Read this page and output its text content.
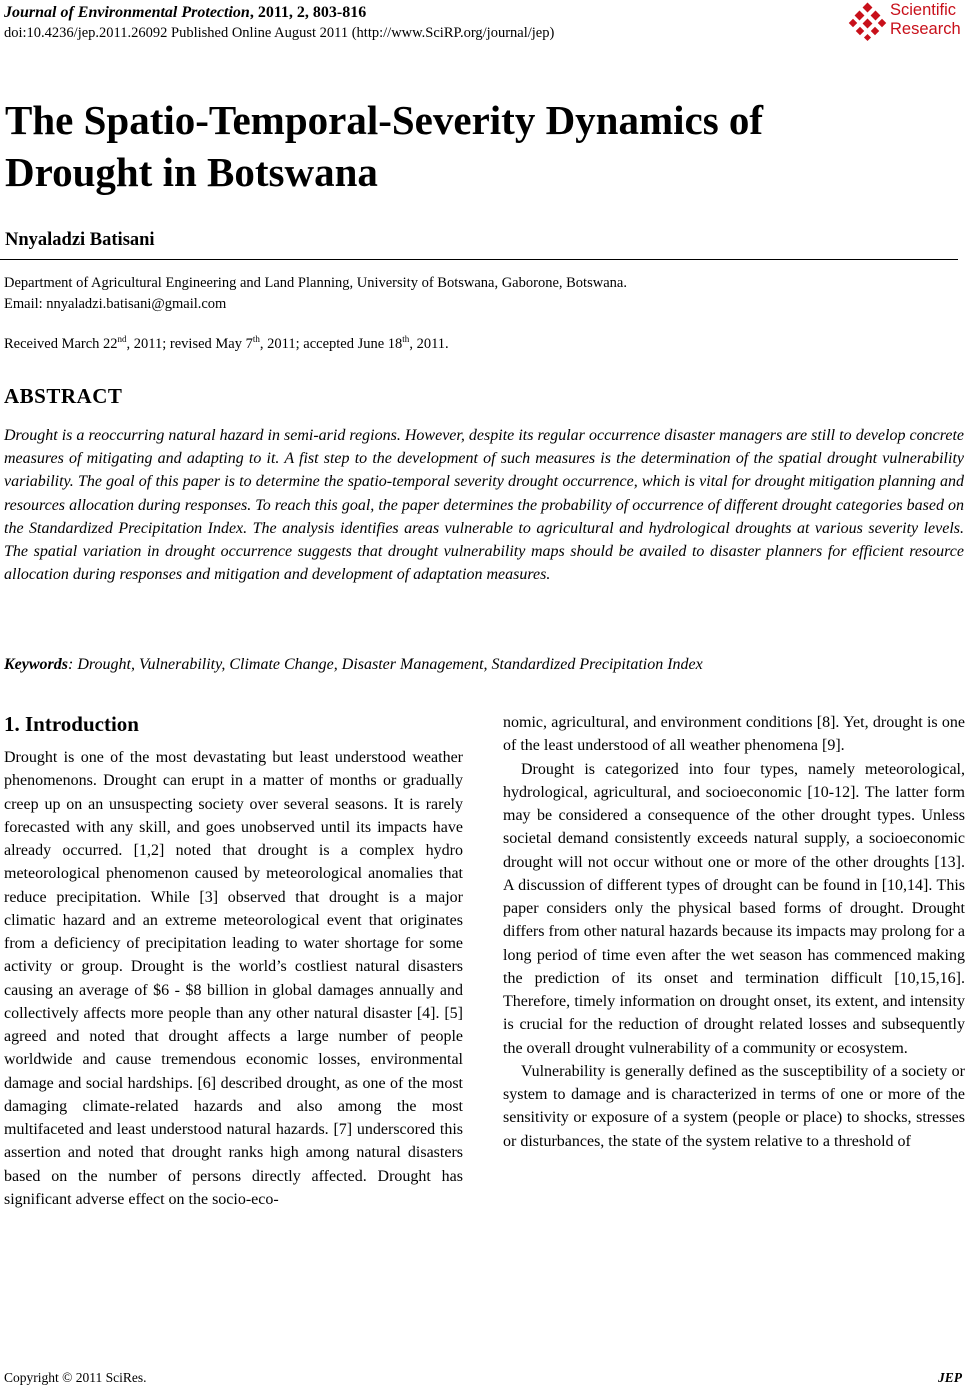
Journal of Environmental Protection, 2011, 2, 803-816
doi:10.4236/jep.2011.26092 Published Online August 2011 (http://www.SciRP.org/journal/jep)
Scientific
Research
The Spatio-Temporal-Severity Dynamics of
Drought in Botswana
Nnyaladzi Batisani
Department of Agricultural Engineering and Land Planning, University of Botswana, Gaborone, Botswana.
Email: nnyaladzi.batisani@gmail.com
Received March 22nd, 2011; revised May 7th, 2011; accepted June 18th, 2011.
ABSTRACT
Drought is a reoccurring natural hazard in semi-arid regions. However, despite its regular occurrence disaster managers are still to develop concrete measures of mitigating and adapting to it. A fist step to the development of such measures is the determination of the spatial drought vulnerability variability. The goal of this paper is to determine the spatio-temporal severity drought occurrence, which is vital for drought mitigation planning and resources allocation during responses. To reach this goal, the paper determines the probability of occurrence of different drought categories based on the Standardized Precipitation Index. The analysis identifies areas vulnerable to agricultural and hydrological droughts at various severity levels. The spatial variation in drought occurrence suggests that drought vulnerability maps should be availed to disaster planners for efficient resource allocation during responses and mitigation and development of adaptation measures.
Keywords: Drought, Vulnerability, Climate Change, Disaster Management, Standardized Precipitation Index
1. Introduction

Drought is one of the most devastating but least understood weather phenomenons. Drought can erupt in a matter of months or gradually creep up on an unsuspecting society over several seasons. It is rarely forecasted with any skill, and goes unobserved until its impacts have already occurred. [1,2] noted that drought is a complex hydro meteorological phenomenon caused by meteorological anomalies that reduce precipitation. While [3] observed that drought is a major climatic hazard and an extreme meteorological event that originates from a deficiency of precipitation leading to water shortage for some activity or group. Drought is the world’s costliest natural disasters causing an average of $6 - $8 billion in global damages annually and collectively affects more people than any other natural disaster [4]. [5] agreed and noted that drought affects a large number of people worldwide and cause tremendous economic losses, environmental damage and social hardships. [6] described drought, as one of the most damaging climate-related hazards and also among the most multifaceted and least understood natural hazards. [7] underscored this assertion and noted that drought ranks high among natural disasters based on the number of persons directly affected. Drought has significant adverse effect on the socio-eco-

nomic, agricultural, and environment conditions [8]. Yet, drought is one of the least understood of all weather phenomena [9].

Drought is categorized into four types, namely meteorological, hydrological, agricultural, and socioeconomic [10-12]. The latter form may be considered a consequence of the other drought types. Unless societal demand consistently exceeds natural supply, a socioeconomic drought will not occur without one or more of the other droughts [13]. A discussion of different types of drought can be found in [10,14]. This paper considers only the physical based forms of drought. Drought differs from other natural hazards because its impacts may prolong for a long period of time even after the wet season has commenced making the prediction of its onset and termination difficult [10,15,16]. Therefore, timely information on drought onset, its extent, and intensity is crucial for the reduction of drought related losses and subsequently the overall drought vulnerability of a community or ecosystem.

Vulnerability is generally defined as the susceptibility of a society or system to damage and is characterized in terms of one or more of the sensitivity or exposure of a system (people or place) to shocks, stresses or disturbances, the state of the system relative to a threshold of

Copyright © 2011 SciRes.	JEP
